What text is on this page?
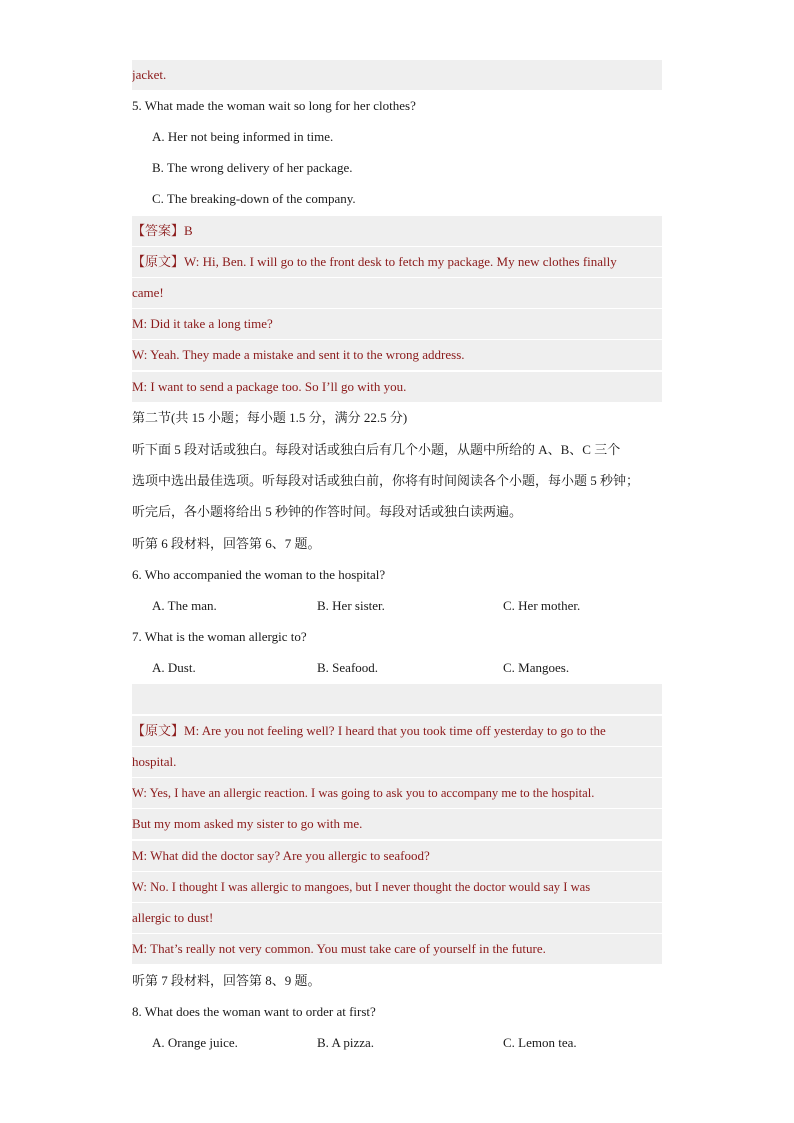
jacket.
5. What made the woman wait so long for her clothes?
A. Her not being informed in time.
B. The wrong delivery of her package.
C. The breaking-down of the company.
【答案】B
【原文】W: Hi, Ben. I will go to the front desk to fetch my package. My new clothes finally
came!
M: Did it take a long time?
W: Yeah. They made a mistake and sent it to the wrong address.
M: I want to send a package too. So I’ll go with you.
第二节(共 15 小题；每小题 1.5 分，满分 22.5 分)
听下面 5 段对话或独白。每段对话或独白后有几个小题，从题中所给的 A、B、C 三个
选项中选出最佳选项。听每段对话或独白前，你将有时间阅读各个小题，每小题 5 秒钟；
听完后，各小题将给出 5 秒钟的作答时间。每段对话或独白读两遍。
听第 6 段材料，回答第 6、7 题。
6. Who accompanied the woman to the hospital?
A. The man.	B. Her sister.	C. Her mother.
7. What is the woman allergic to?
A. Dust.	B. Seafood.	C. Mangoes.

【原文】M: Are you not feeling well? I heard that you took time off yesterday to go to the
hospital.
W: Yes, I have an allergic reaction. I was going to ask you to accompany me to the hospital.
But my mom asked my sister to go with me.
M: What did the doctor say? Are you allergic to seafood?
W: No. I thought I was allergic to mangoes, but I never thought the doctor would say I was
allergic to dust!
M: That’s really not very common. You must take care of yourself in the future.
听第 7 段材料，回答第 8、9 题。
8. What does the woman want to order at first?
A. Orange juice.	B. A pizza.	C. Lemon tea.
